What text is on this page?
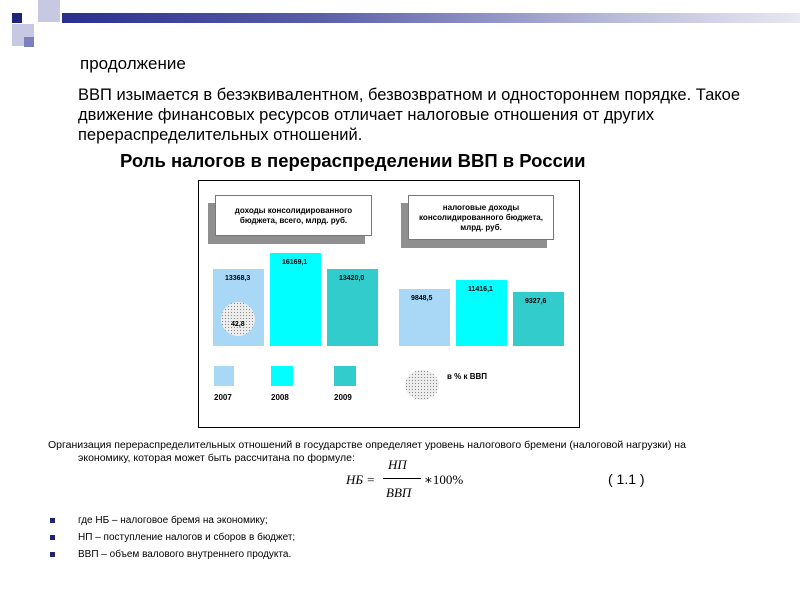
продолжение

ВВП изымается в безэквивалентном, безвозвратном и одностороннем порядке. Такое движение финансовых ресурсов отличает налоговые отношения от других перераспределительных отношений.

Роль налогов в перераспределении ВВП в России

доходы консолидированного бюджета, всего, млрд. руб.
налоговые доходы консолидированного бюджета, млрд. руб.
13368,3
16169,1
13420,0
9848,5
11416,1
9327,6
42,8
2007	2008	2009
в % к ВВП
Организация перераспределительных отношений в государстве определяет уровень налогового бремени (налоговой нагрузки) на
экономику, которая может быть рассчитана по формуле:
НБ =
НП
ВВП
∗100%	( 1.1 )
где НБ – налоговое бремя на экономику;
НП – поступление налогов и сборов в бюджет;
ВВП – объем валового внутреннего продукта.
